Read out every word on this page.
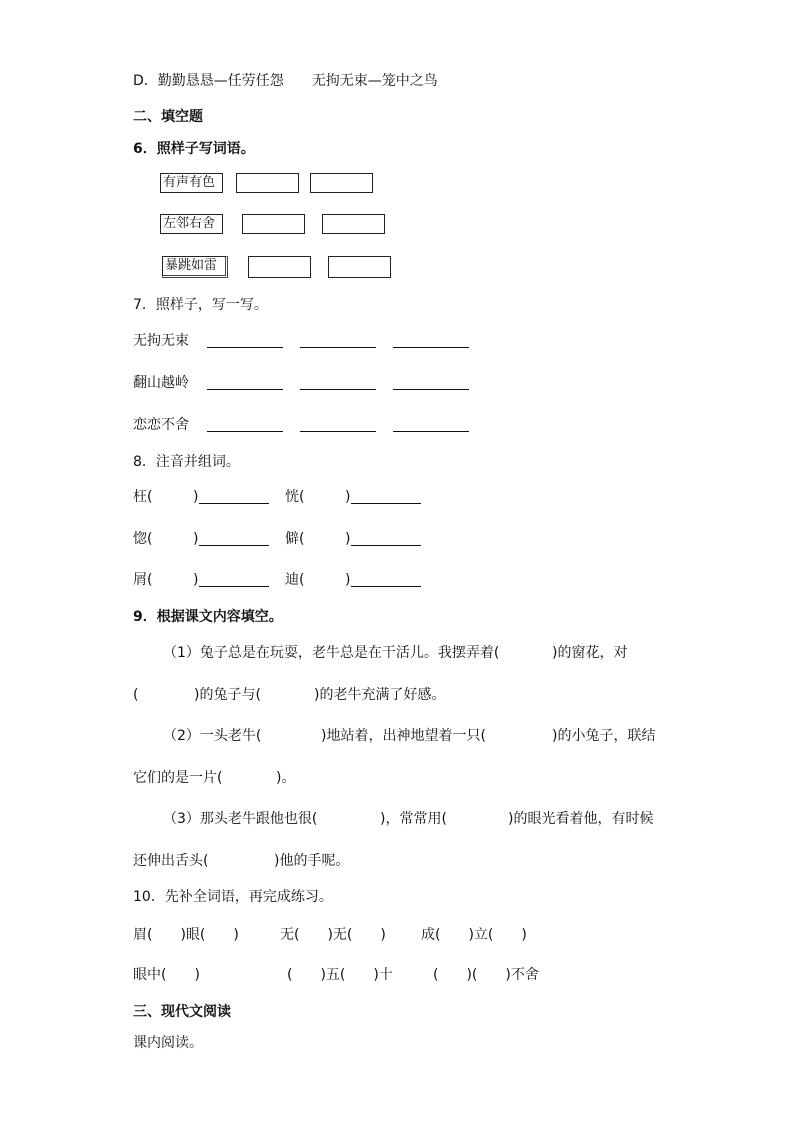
D．勤勤恳恳—任劳任怨　　无拘无束—笼中之鸟
二、填空题
6．照样子写词语。
有声有色
左邻右舍
暴跳如雷
7．照样子，写一写。
无拘无束
翻山越岭
恋恋不舍
8．注音并组词。
枉 (	)	恍 (	)
惚 (	)	僻 (	)
屑 (	)	迪 (	)
9．根据课文内容填空。
（1）兔子总是在玩耍，老牛总是在干活儿。我摆弄着(	)的窗花，对
(	)的兔子与(	)的老牛充满了好感。
（2）一头老牛(	)地站着，出神地望着一只(	)的小兔子，联结
它们的是一片(	)。
（3）那头老牛跟他也很(	)，常常用(	)的眼光看着他，有时候
还伸出舌头(	)他的手呢。
10．先补全词语，再完成练习。
眉(　　)眼(　　)	无(　　)无(　　)	成(　　)立(　　)
眼中(　　)	(　　)五(　　)十	(　　)(　　)不舍
三、现代文阅读
课内阅读。
